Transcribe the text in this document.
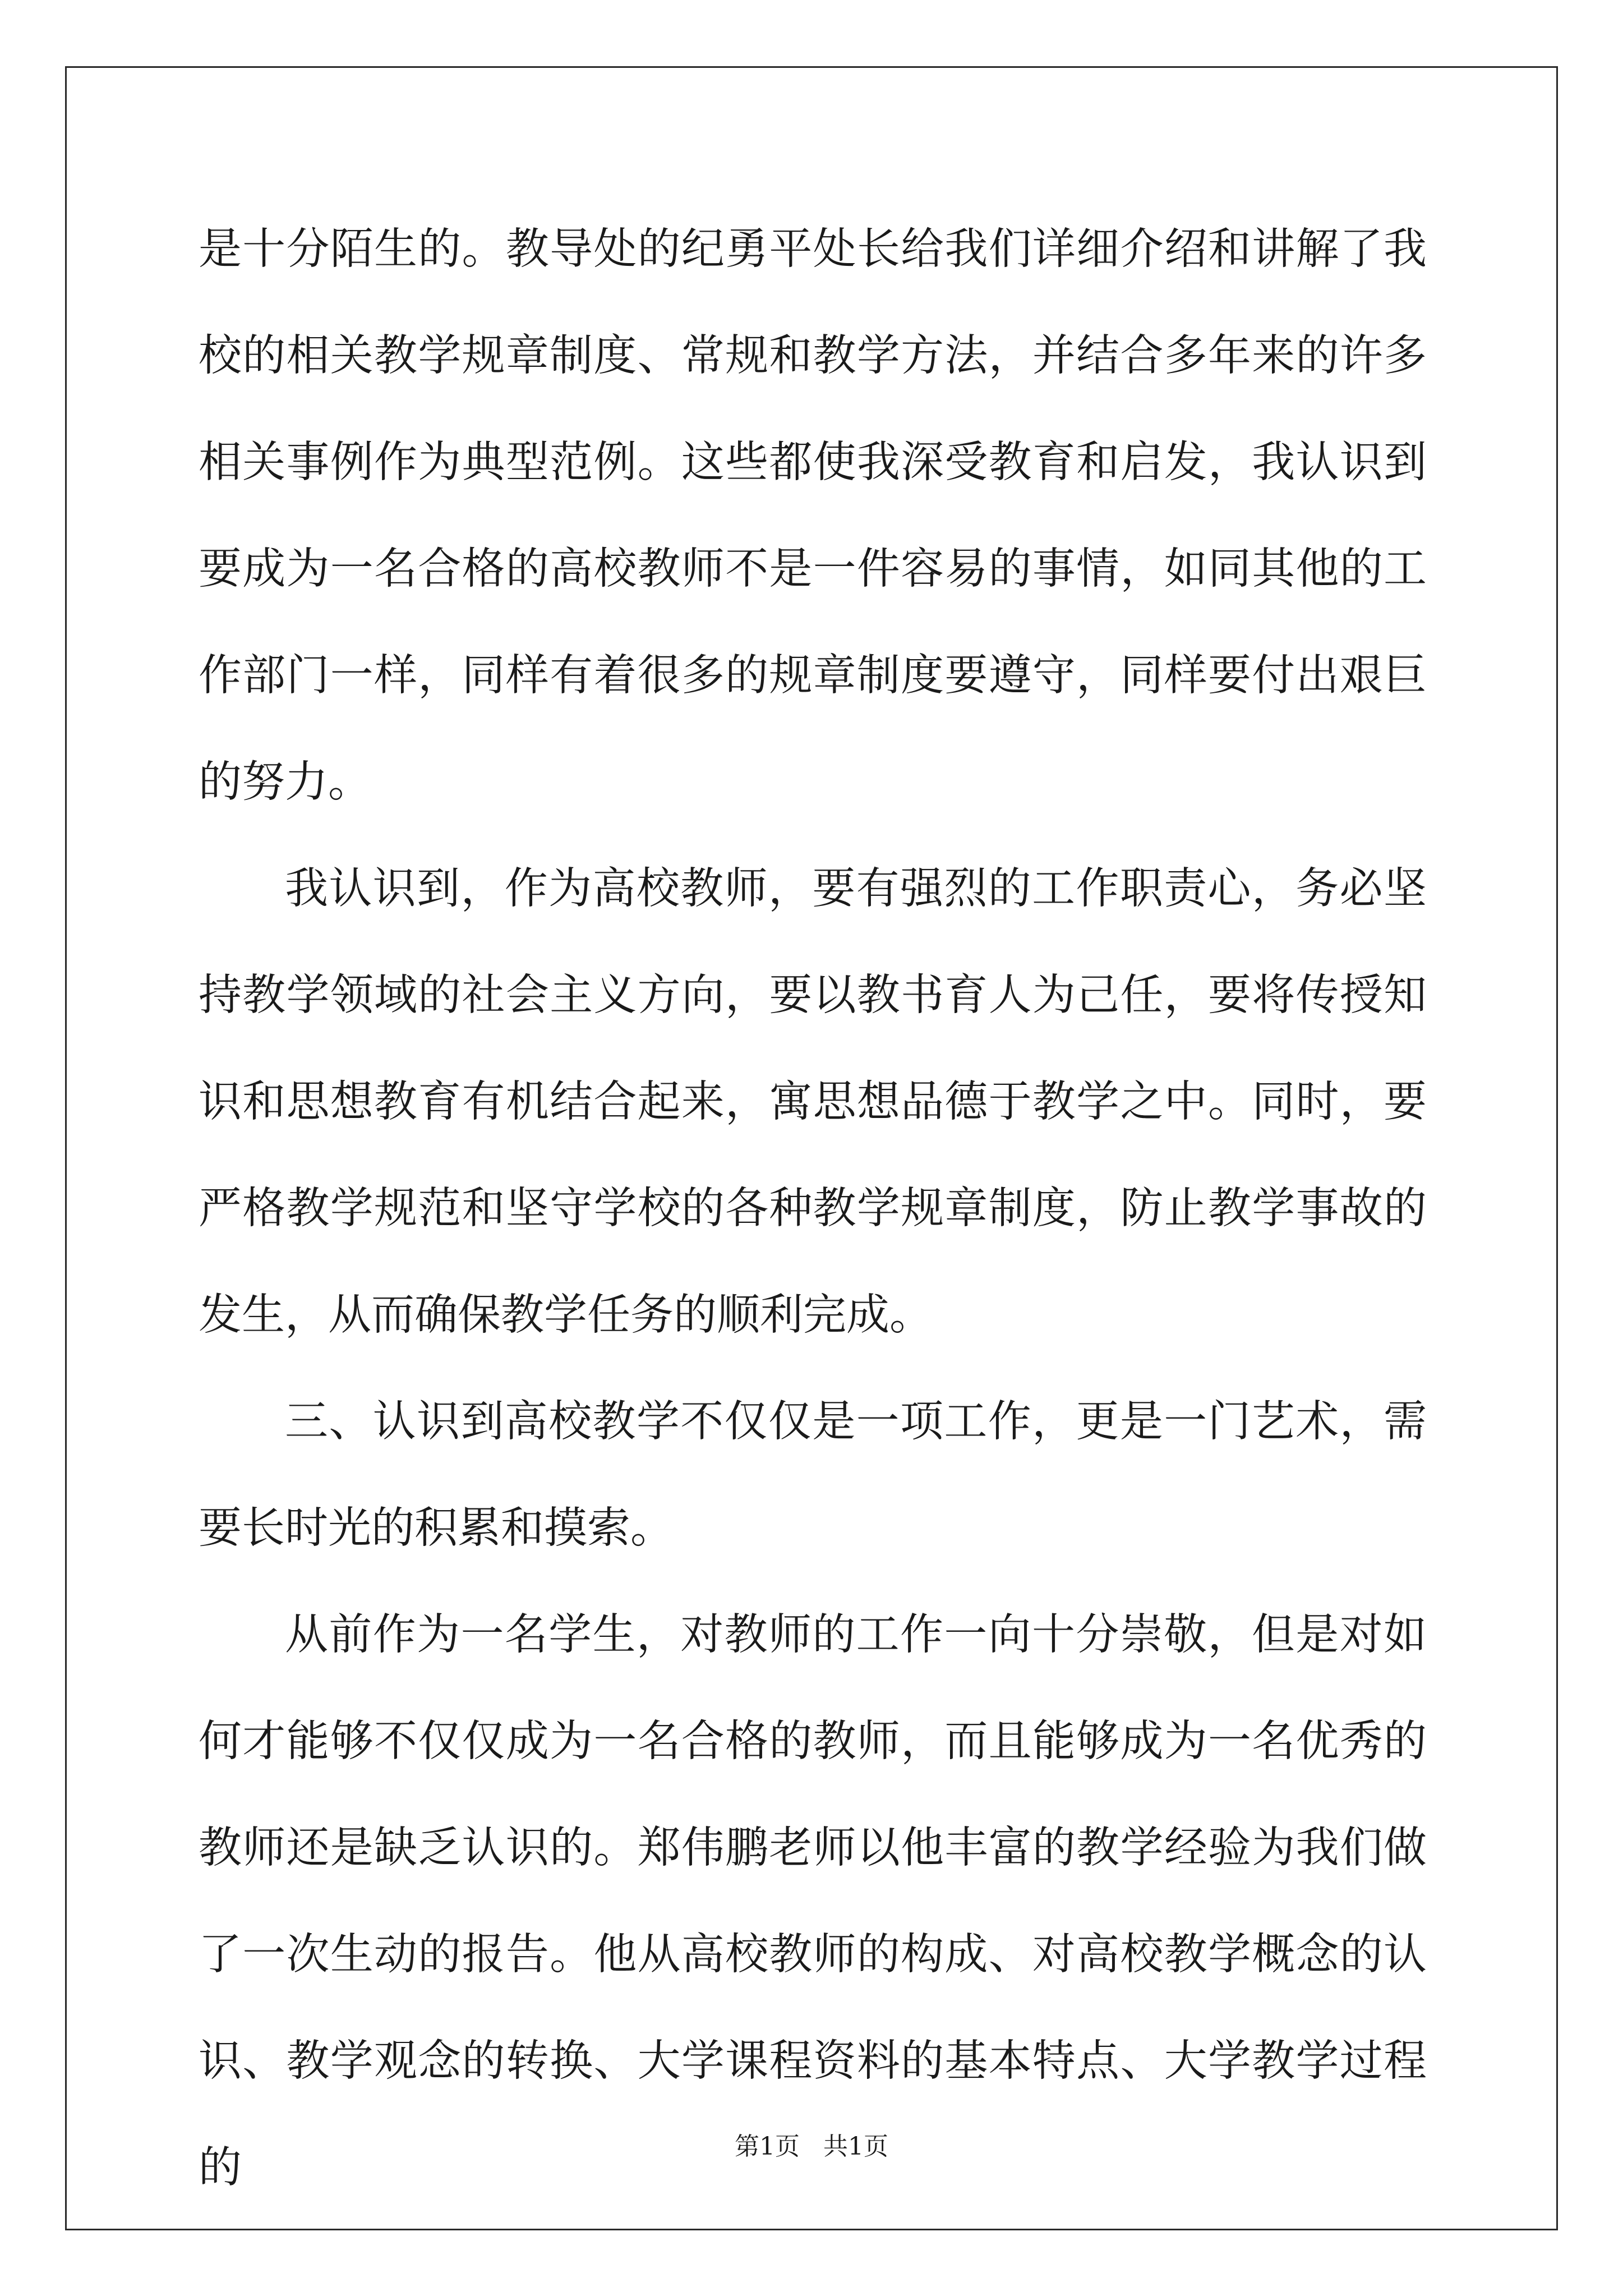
是十分陌生的。教导处的纪勇平处长给我们详细介绍和讲解了我校的相关教学规章制度、常规和教学方法，并结合多年来的许多相关事例作为典型范例。这些都使我深受教育和启发，我认识到要成为一名合格的高校教师不是一件容易的事情，如同其他的工作部门一样，同样有着很多的规章制度要遵守，同样要付出艰巨的努力。

我认识到，作为高校教师，要有强烈的工作职责心，务必坚持教学领域的社会主义方向，要以教书育人为己任，要将传授知识和思想教育有机结合起来，寓思想品德于教学之中。同时，要严格教学规范和坚守学校的各种教学规章制度，防止教学事故的发生，从而确保教学任务的顺利完成。

三、认识到高校教学不仅仅是一项工作，更是一门艺术，需要长时光的积累和摸索。

从前作为一名学生，对教师的工作一向十分崇敬，但是对如何才能够不仅仅成为一名合格的教师，而且能够成为一名优秀的教师还是缺乏认识的。郑伟鹏老师以他丰富的教学经验为我们做了一次生动的报告。他从高校教师的构成、对高校教学概念的认识、教学观念的转换、大学课程资料的基本特点、大学教学过程的	第1页 共1页
